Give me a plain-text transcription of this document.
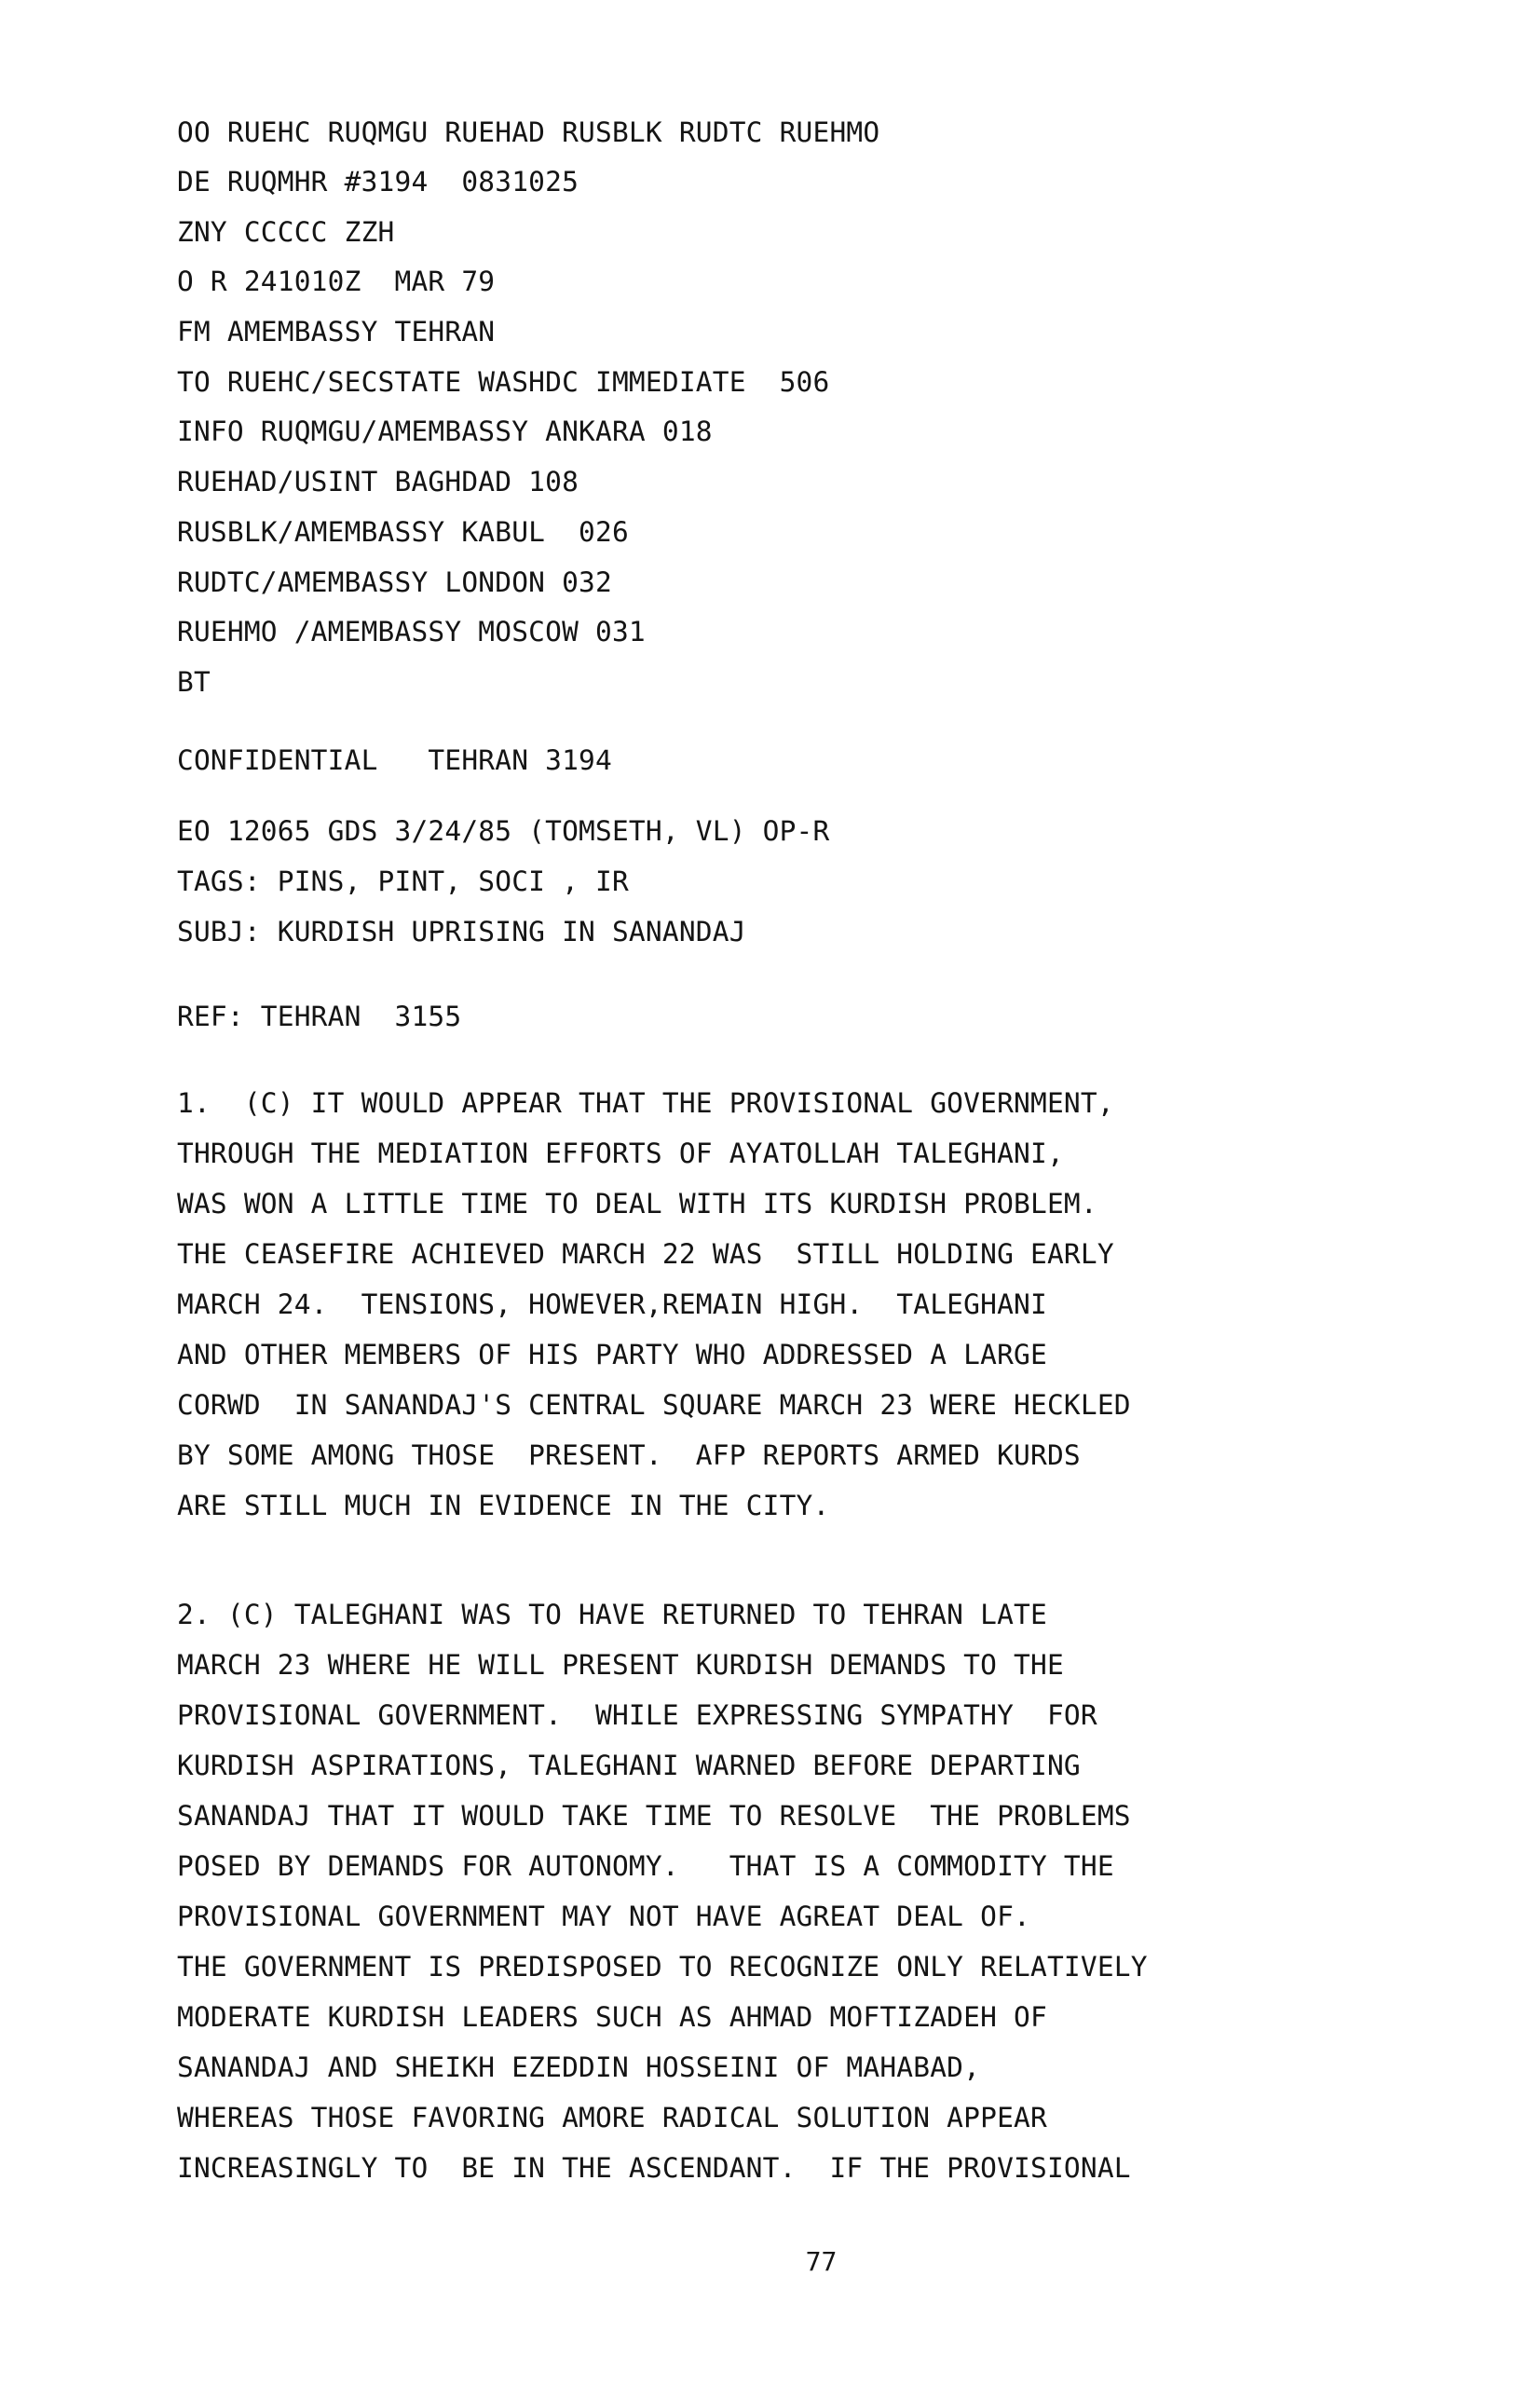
OO RUEHC RUQMGU RUEHAD RUSBLK RUDTC RUEHMO

DE RUQMHR #3194  0831025

ZNY CCCCC ZZH

O R 241010Z  MAR 79

FM AMEMBASSY TEHRAN

TO RUEHC/SECSTATE WASHDC IMMEDIATE  506

INFO RUQMGU/AMEMBASSY ANKARA 018

RUEHAD/USINT BAGHDAD 108

RUSBLK/AMEMBASSY KABUL  026

RUDTC/AMEMBASSY LONDON 032

RUEHMO /AMEMBASSY MOSCOW 031

BT

CONFIDENTIAL   TEHRAN 3194

EO 12065 GDS 3/24/85 (TOMSETH, VL) OP-R

TAGS: PINS, PINT, SOCI , IR

SUBJ: KURDISH UPRISING IN SANANDAJ

REF: TEHRAN  3155

1.  (C) IT WOULD APPEAR THAT THE PROVISIONAL GOVERNMENT,

THROUGH THE MEDIATION EFFORTS OF AYATOLLAH TALEGHANI,

WAS WON A LITTLE TIME TO DEAL WITH ITS KURDISH PROBLEM.

THE CEASEFIRE ACHIEVED MARCH 22 WAS  STILL HOLDING EARLY

MARCH 24.  TENSIONS, HOWEVER,REMAIN HIGH.  TALEGHANI

AND OTHER MEMBERS OF HIS PARTY WHO ADDRESSED A LARGE

CORWD  IN SANANDAJ'S CENTRAL SQUARE MARCH 23 WERE HECKLED

BY SOME AMONG THOSE  PRESENT.  AFP REPORTS ARMED KURDS

ARE STILL MUCH IN EVIDENCE IN THE CITY.

2. (C) TALEGHANI WAS TO HAVE RETURNED TO TEHRAN LATE

MARCH 23 WHERE HE WILL PRESENT KURDISH DEMANDS TO THE

PROVISIONAL GOVERNMENT.  WHILE EXPRESSING SYMPATHY  FOR

KURDISH ASPIRATIONS, TALEGHANI WARNED BEFORE DEPARTING

SANANDAJ THAT IT WOULD TAKE TIME TO RESOLVE  THE PROBLEMS

POSED BY DEMANDS FOR AUTONOMY.   THAT IS A COMMODITY THE

PROVISIONAL GOVERNMENT MAY NOT HAVE AGREAT DEAL OF.

THE GOVERNMENT IS PREDISPOSED TO RECOGNIZE ONLY RELATIVELY

MODERATE KURDISH LEADERS SUCH AS AHMAD MOFTIZADEH OF

SANANDAJ AND SHEIKH EZEDDIN HOSSEINI OF MAHABAD,

WHEREAS THOSE FAVORING AMORE RADICAL SOLUTION APPEAR

INCREASINGLY TO  BE IN THE ASCENDANT.  IF THE PROVISIONAL

77
